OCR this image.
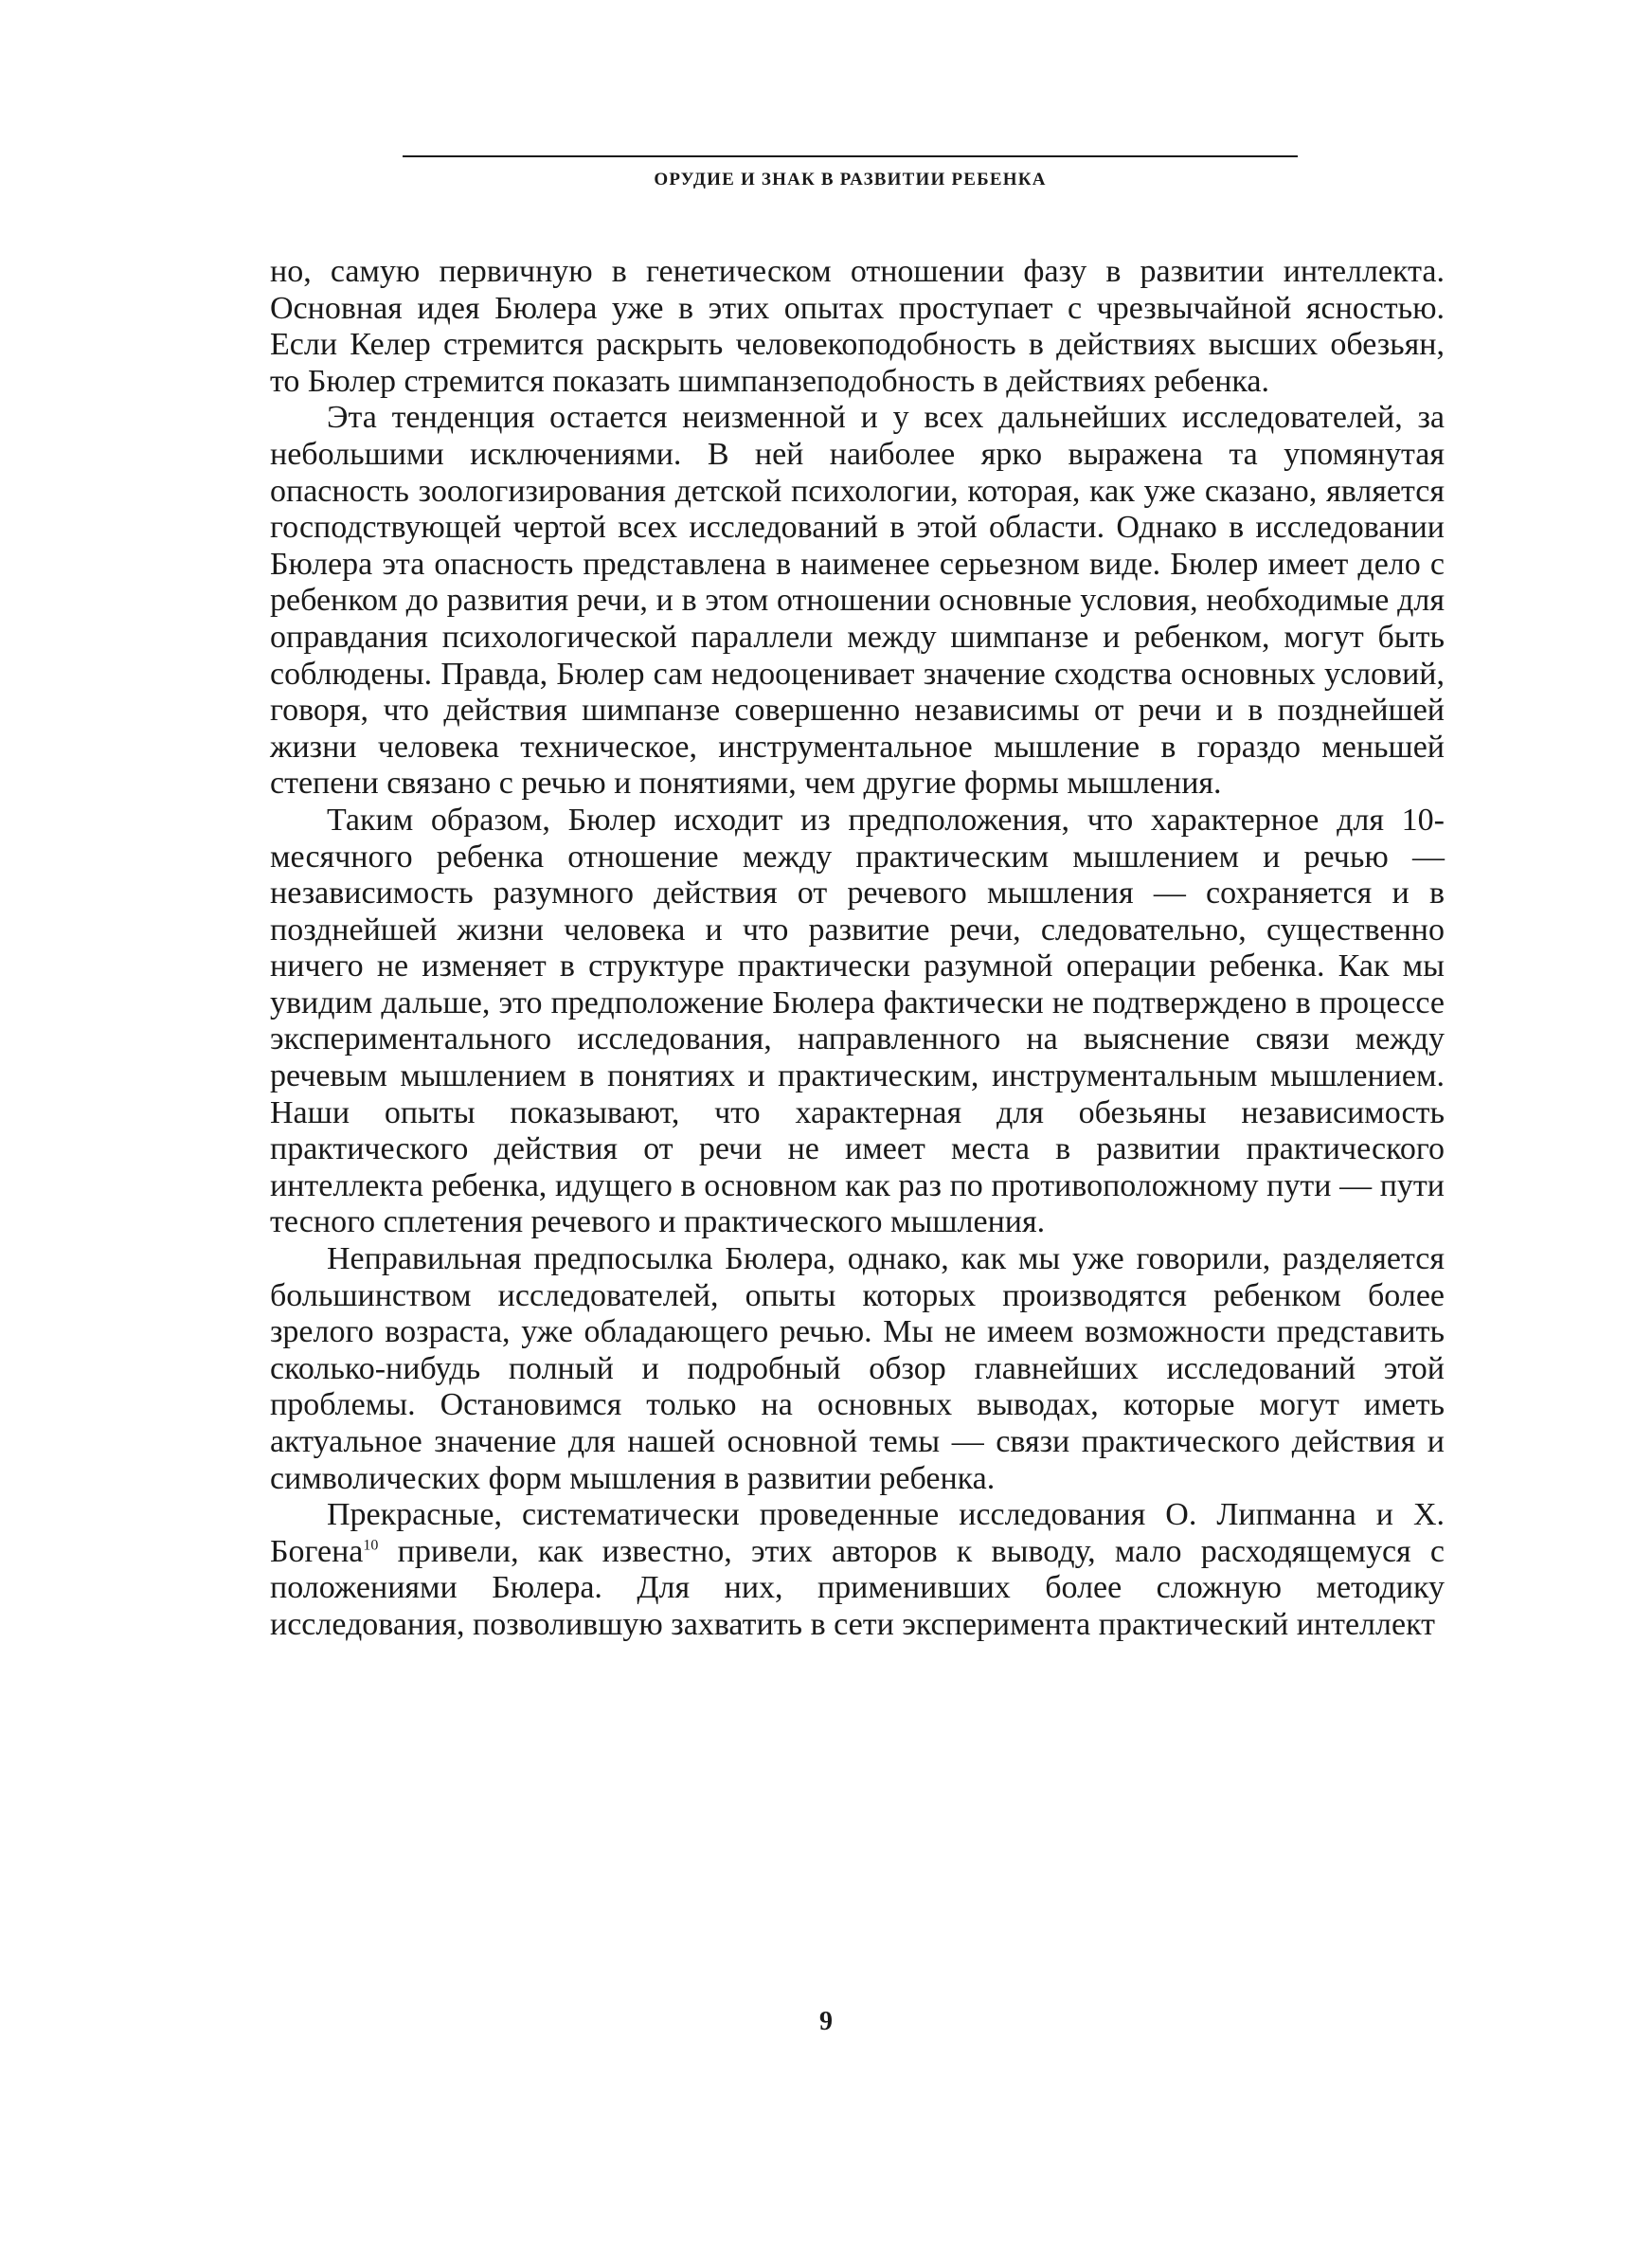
ОРУДИЕ И ЗНАК В РАЗВИТИИ РЕБЕНКА

но, самую первичную в генетическом отношении фазу в развитии интеллекта. Основная идея Бюлера уже в этих опытах проступает с чрезвычайной ясностью. Если Келер стремится раскрыть человекоподобность в действиях высших обезьян, то Бюлер стремится показать шимпанзеподобность в действиях ребенка.

Эта тенденция остается неизменной и у всех дальнейших исследователей, за небольшими исключениями. В ней наиболее ярко выражена та упомянутая опасность зоологизирования детской психологии, которая, как уже сказано, является господствующей чертой всех исследований в этой области. Однако в исследовании Бюлера эта опасность представлена в наименее серьезном виде. Бюлер имеет дело с ребенком до развития речи, и в этом отношении основные условия, необходимые для оправдания психологической параллели между шимпанзе и ребенком, могут быть соблюдены. Правда, Бюлер сам недооценивает значение сходства основных условий, говоря, что действия шимпанзе совершенно независимы от речи и в позднейшей жизни человека техническое, инструментальное мышление в гораздо меньшей степени связано с речью и понятиями, чем другие формы мышления.

Таким образом, Бюлер исходит из предположения, что характерное для 10-месячного ребенка отношение между практическим мышлением и речью — независимость разумного действия от речевого мышления — сохраняется и в позднейшей жизни человека и что развитие речи, следовательно, существенно ничего не изменяет в структуре практически разумной операции ребенка. Как мы увидим дальше, это предположение Бюлера фактически не подтверждено в процессе экспериментального исследования, направленного на выяснение связи между речевым мышлением в понятиях и практическим, инструментальным мышлением. Наши опыты показывают, что характерная для обезьяны независимость практического действия от речи не имеет места в развитии практического интеллекта ребенка, идущего в основном как раз по противоположному пути — пути тесного сплетения речевого и практического мышления.

Неправильная предпосылка Бюлера, однако, как мы уже говорили, разделяется большинством исследователей, опыты которых производятся ребенком более зрелого возраста, уже обладающего речью. Мы не имеем возможности представить сколько-нибудь полный и подробный обзор главнейших исследований этой проблемы. Остановимся только на основных выводах, которые могут иметь актуальное значение для нашей основной темы — связи практического действия и символических форм мышления в развитии ребенка.

Прекрасные, систематически проведенные исследования О. Липманна и Х. Богена$^{10}$ привели, как известно, этих авторов к выводу, мало расходящемуся с положениями Бюлера. Для них, применивших более сложную методику исследования, позволившую захватить в сети эксперимента практический интеллект

9
